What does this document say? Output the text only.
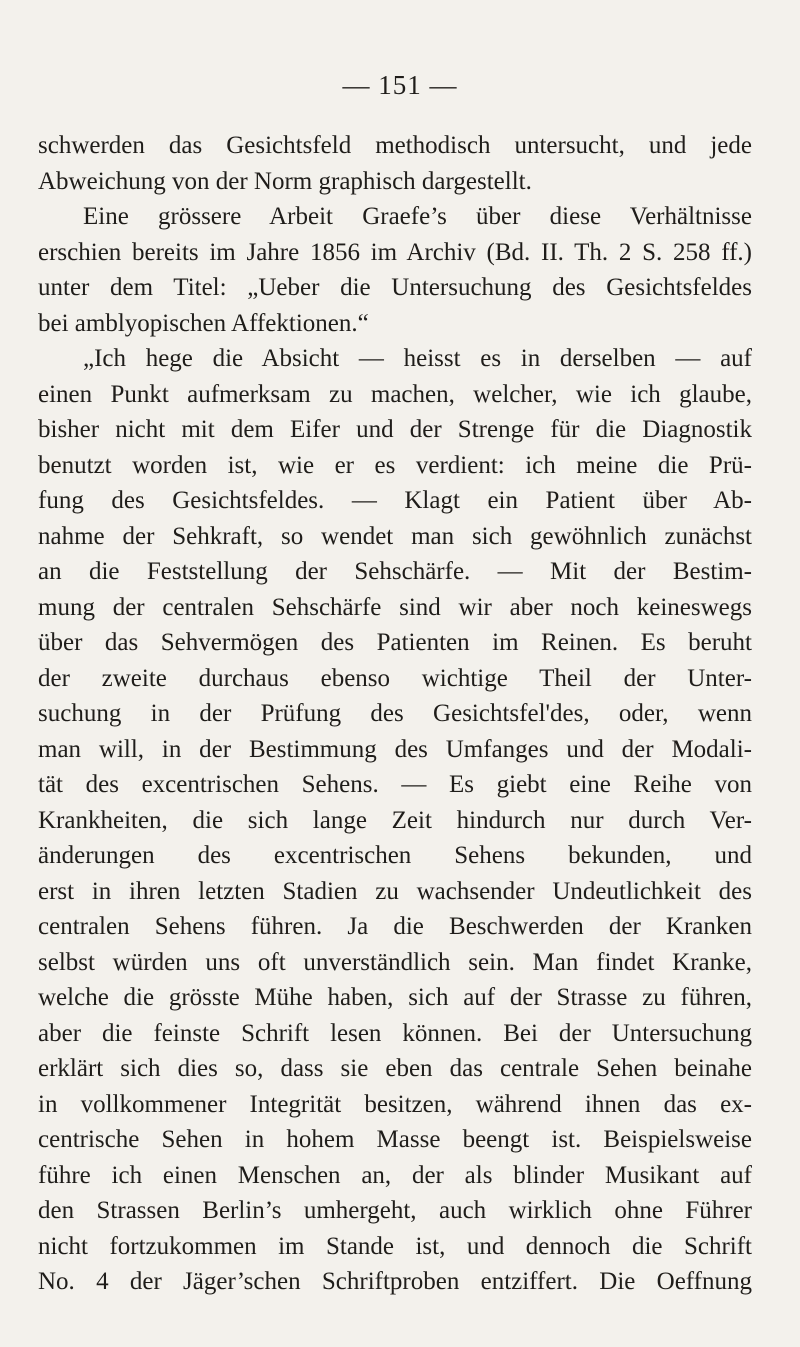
— 151 —
schwerden das Gesichtsfeld methodisch untersucht, und jede
Abweichung von der Norm graphisch dargestellt.
Eine grössere Arbeit Graefe’s über diese Verhältnisse
erschien bereits im Jahre 1856 im Archiv (Bd. II. Th. 2 S. 258 ff.)
unter dem Titel: „Ueber die Untersuchung des Gesichtsfeldes
bei amblyopischen Affektionen.“
„Ich hege die Absicht — heisst es in derselben — auf
einen Punkt aufmerksam zu machen, welcher, wie ich glaube,
bisher nicht mit dem Eifer und der Strenge für die Diagnostik
benutzt worden ist, wie er es verdient: ich meine die Prü-
fung des Gesichtsfeldes. — Klagt ein Patient über Ab-
nahme der Sehkraft, so wendet man sich gewöhnlich zunächst
an die Feststellung der Sehschärfe. — Mit der Bestim-
mung der centralen Sehschärfe sind wir aber noch keineswegs
über das Sehvermögen des Patienten im Reinen. Es beruht
der zweite durchaus ebenso wichtige Theil der Unter-
suchung in der Prüfung des Gesichtsfel'des, oder, wenn
man will, in der Bestimmung des Umfanges und der Modali-
tät des excentrischen Sehens. — Es giebt eine Reihe von
Krankheiten, die sich lange Zeit hindurch nur durch Ver-
änderungen des excentrischen Sehens bekunden, und
erst in ihren letzten Stadien zu wachsender Undeutlichkeit des
centralen Sehens führen. Ja die Beschwerden der Kranken
selbst würden uns oft unverständlich sein. Man findet Kranke,
welche die grösste Mühe haben, sich auf der Strasse zu führen,
aber die feinste Schrift lesen können. Bei der Untersuchung
erklärt sich dies so, dass sie eben das centrale Sehen beinahe
in vollkommener Integrität besitzen, während ihnen das ex-
centrische Sehen in hohem Masse beengt ist. Beispielsweise
führe ich einen Menschen an, der als blinder Musikant auf
den Strassen Berlin’s umhergeht, auch wirklich ohne Führer
nicht fortzukommen im Stande ist, und dennoch die Schrift
No. 4 der Jäger’schen Schriftproben entziffert. Die Oeffnung
